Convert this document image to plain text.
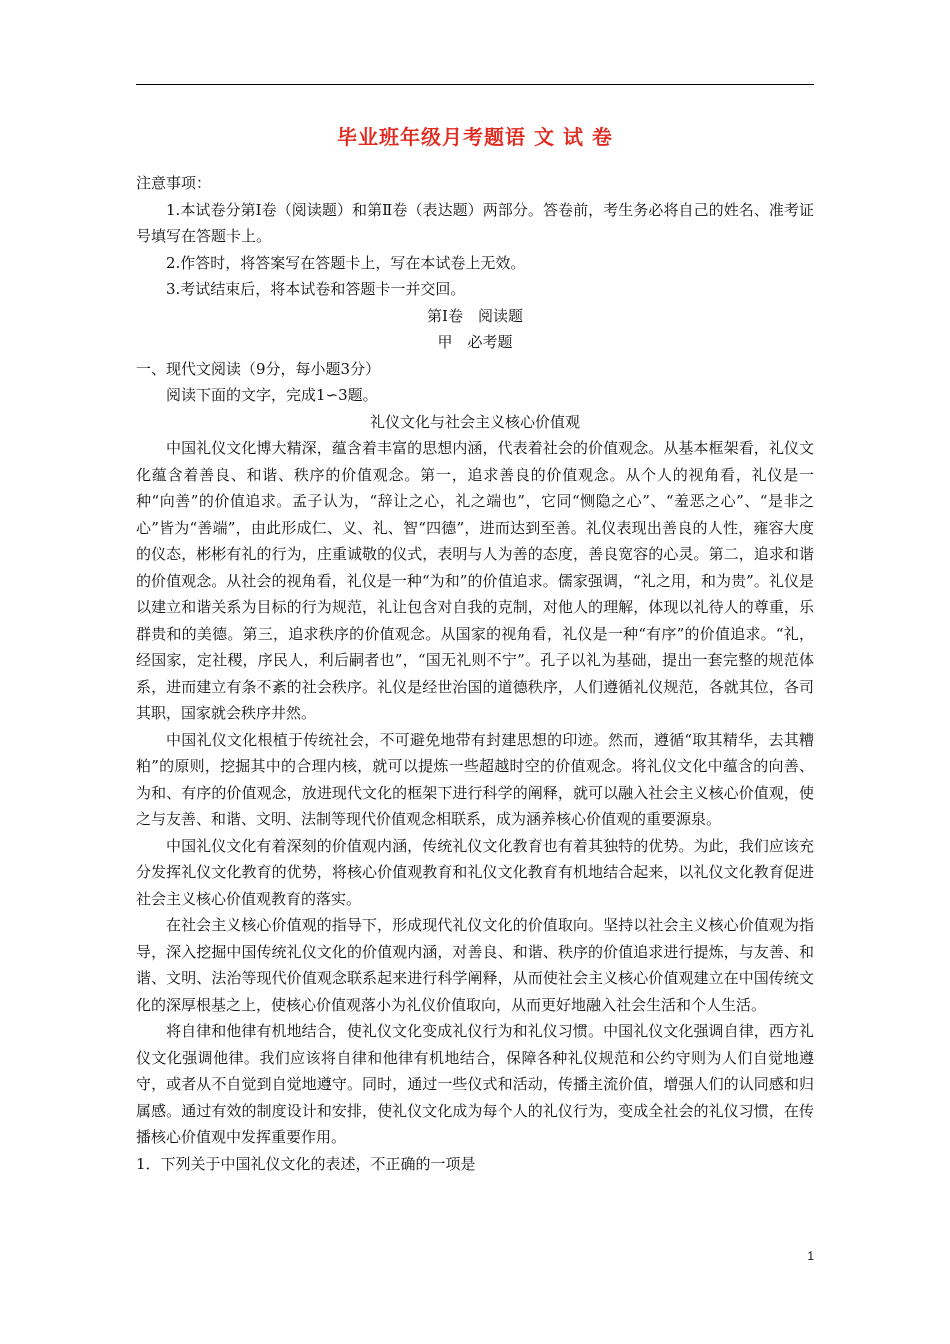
毕业班年级月考题语 文 试 卷
注意事项：

1.本试卷分第Ⅰ卷（阅读题）和第Ⅱ卷（表达题）两部分。答卷前，考生务必将自己的姓名、准考证号填写在答题卡上。

2.作答时，将答案写在答题卡上，写在本试卷上无效。

3.考试结束后，将本试卷和答题卡一并交回。

第Ⅰ卷　阅读题
甲　必考题
一、现代文阅读（9分，每小题3分）
阅读下面的文字，完成1∽3题。
礼仪文化与社会主义核心价值观

中国礼仪文化博大精深，蕴含着丰富的思想内涵，代表着社会的价值观念。从基本框架看，礼仪文化蕴含着善良、和谐、秩序的价值观念。第一，追求善良的价值观念。从个人的视角看，礼仪是一种“向善”的价值追求。孟子认为，“辞让之心，礼之端也”，它同“恻隐之心”、“羞恶之心”、“是非之心”皆为“善端”，由此形成仁、义、礼、智“四德”，进而达到至善。礼仪表现出善良的人性，雍容大度的仪态，彬彬有礼的行为，庄重诚敬的仪式，表明与人为善的态度，善良宽容的心灵。第二，追求和谐的价值观念。从社会的视角看，礼仪是一种“为和”的价值追求。儒家强调，“礼之用，和为贵”。礼仪是以建立和谐关系为目标的行为规范，礼让包含对自我的克制，对他人的理解，体现以礼待人的尊重，乐群贵和的美德。第三，追求秩序的价值观念。从国家的视角看，礼仪是一种“有序”的价值追求。“礼，经国家，定社稷，序民人，利后嗣者也”，“国无礼则不宁”。孔子以礼为基础，提出一套完整的规范体系，进而建立有条不紊的社会秩序。礼仪是经世治国的道德秩序，人们遵循礼仪规范，各就其位，各司其职，国家就会秩序井然。

中国礼仪文化根植于传统社会，不可避免地带有封建思想的印迹。然而，遵循“取其精华，去其糟粕”的原则，挖掘其中的合理内核，就可以提炼一些超越时空的价值观念。将礼仪文化中蕴含的向善、为和、有序的价值观念，放进现代文化的框架下进行科学的阐释，就可以融入社会主义核心价值观，使之与友善、和谐、文明、法制等现代价值观念相联系，成为涵养核心价值观的重要源泉。

中国礼仪文化有着深刻的价值观内涵，传统礼仪文化教育也有着其独特的优势。为此，我们应该充分发挥礼仪文化教育的优势，将核心价值观教育和礼仪文化教育有机地结合起来，以礼仪文化教育促进社会主义核心价值观教育的落实。

在社会主义核心价值观的指导下，形成现代礼仪文化的价值取向。坚持以社会主义核心价值观为指导，深入挖掘中国传统礼仪文化的价值观内涵，对善良、和谐、秩序的价值追求进行提炼，与友善、和谐、文明、法治等现代价值观念联系起来进行科学阐释，从而使社会主义核心价值观建立在中国传统文化的深厚根基之上，使核心价值观落小为礼仪价值取向，从而更好地融入社会生活和个人生活。

将自律和他律有机地结合，使礼仪文化变成礼仪行为和礼仪习惯。中国礼仪文化强调自律，西方礼仪文化强调他律。我们应该将自律和他律有机地结合，保障各种礼仪规范和公约守则为人们自觉地遵守，或者从不自觉到自觉地遵守。同时，通过一些仪式和活动，传播主流价值，增强人们的认同感和归属感。通过有效的制度设计和安排，使礼仪文化成为每个人的礼仪行为，变成全社会的礼仪习惯，在传播核心价值观中发挥重要作用。

1．下列关于中国礼仪文化的表述，不正确的一项是
1
